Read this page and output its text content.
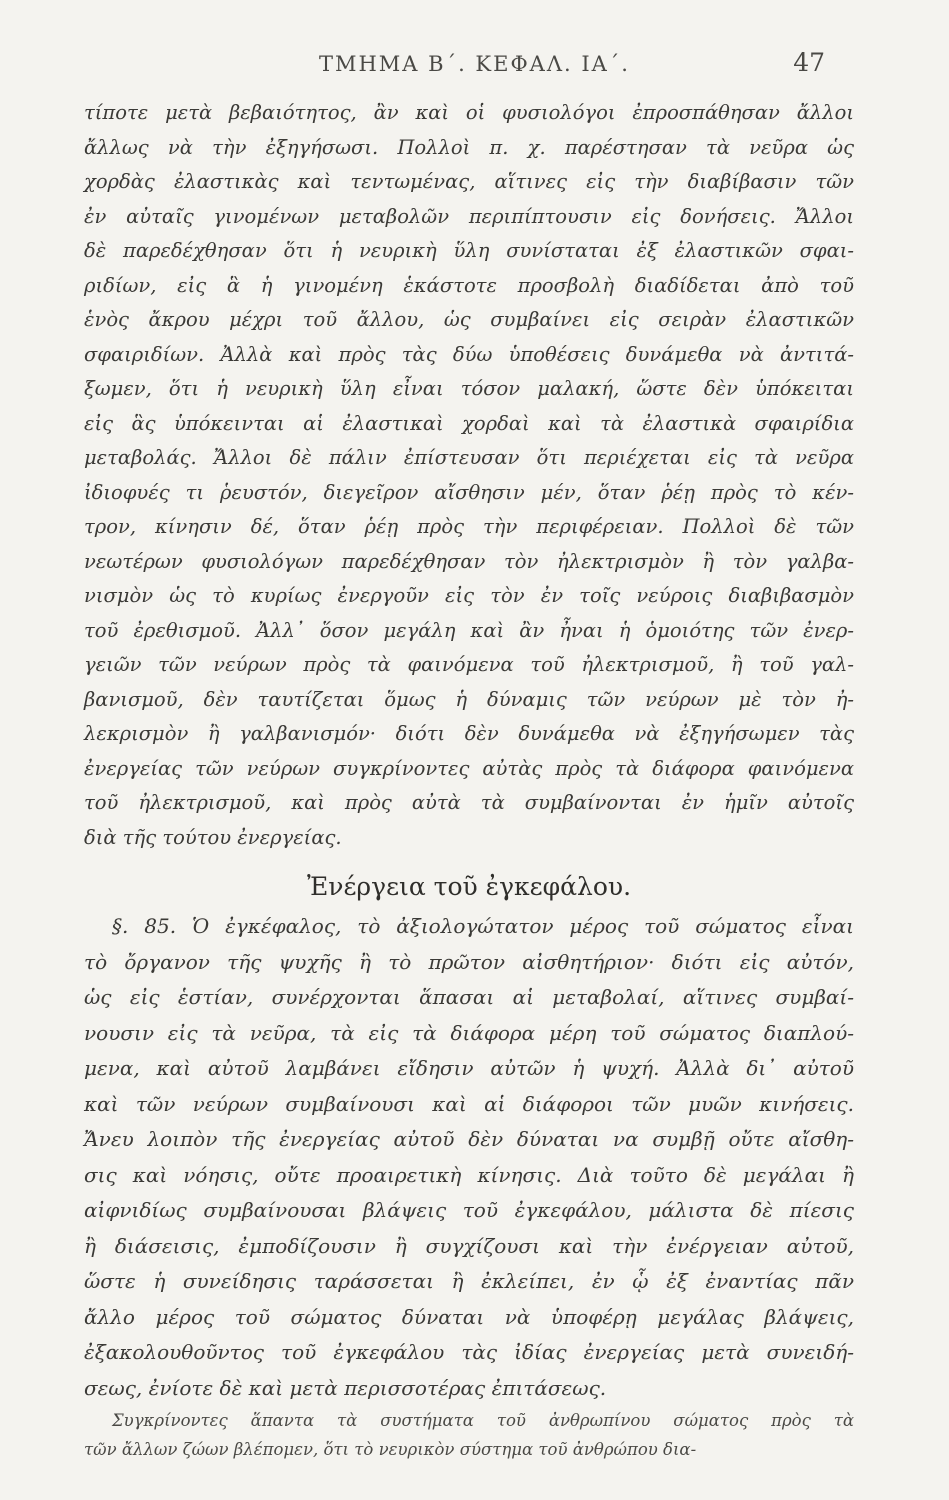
ΤΜΗΜΑ Β΄. ΚΕΦΑΛ. ΙΑ΄.	47
τίποτε μετὰ βεβαιότητος, ἂν καὶ οἱ φυσιολόγοι ἐπροσπάθησαν ἄλλοι
ἄλλως νὰ τὴν ἐξηγήσωσι. Πολλοὶ π. χ. παρέστησαν τὰ νεῦρα ὡς
χορδὰς ἐλαστικὰς καὶ τεντωμένας, αἵτινες εἰς τὴν διαβίβασιν τῶν
ἐν αὐταῖς γινομένων μεταβολῶν περιπίπτουσιν εἰς δονήσεις. Ἄλλοι
δὲ παρεδέχθησαν ὅτι ἡ νευρικὴ ὕλη συνίσταται ἐξ ἐλαστικῶν σφαι-
ριδίων, εἰς ἃ ἡ γινομένη ἑκάστοτε προσβολὴ διαδίδεται ἀπὸ τοῦ
ἑνὸς ἄκρου μέχρι τοῦ ἄλλου, ὡς συμβαίνει εἰς σειρὰν ἐλαστικῶν
σφαιριδίων. Ἀλλὰ καὶ πρὸς τὰς δύω ὑποθέσεις δυνάμεθα νὰ ἀντιτά-
ξωμεν, ὅτι ἡ νευρικὴ ὕλη εἶναι τόσον μαλακή, ὥστε δὲν ὑπόκειται
εἰς ἃς ὑπόκεινται αἱ ἐλαστικαὶ χορδαὶ καὶ τὰ ἐλαστικὰ σφαιρίδια
μεταβολάς. Ἄλλοι δὲ πάλιν ἐπίστευσαν ὅτι περιέχεται εἰς τὰ νεῦρα
ἰδιοφυές τι ῥευστόν, διεγεῖρον αἴσθησιν μέν, ὅταν ῥέῃ πρὸς τὸ κέν-
τρον, κίνησιν δέ, ὅταν ῥέῃ πρὸς τὴν περιφέρειαν. Πολλοὶ δὲ τῶν
νεωτέρων φυσιολόγων παρεδέχθησαν τὸν ἠλεκτρισμὸν ἢ τὸν γαλβα-
νισμὸν ὡς τὸ κυρίως ἐνεργοῦν εἰς τὸν ἐν τοῖς νεύροις διαβιβασμὸν
τοῦ ἐρεθισμοῦ. Ἀλλ᾽ ὅσον μεγάλη καὶ ἂν ἦναι ἡ ὁμοιότης τῶν ἐνερ-
γειῶν τῶν νεύρων πρὸς τὰ φαινόμενα τοῦ ἠλεκτρισμοῦ, ἢ τοῦ γαλ-
βανισμοῦ, δὲν ταυτίζεται ὅμως ἡ δύναμις τῶν νεύρων μὲ τὸν ἠ-
λεκρισμὸν ἢ γαλβανισμόν· διότι δὲν δυνάμεθα νὰ ἐξηγήσωμεν τὰς
ἐνεργείας τῶν νεύρων συγκρίνοντες αὐτὰς πρὸς τὰ διάφορα φαινόμενα
τοῦ ἠλεκτρισμοῦ, καὶ πρὸς αὐτὰ τὰ συμβαίνονται ἐν ἡμῖν αὐτοῖς
διὰ τῆς τούτου ἐνεργείας.
Ἐνέργεια τοῦ ἐγκεφάλου.
§. 85. Ὁ ἐγκέφαλος, τὸ ἀξιολογώτατον μέρος τοῦ σώματος εἶναι
τὸ ὄργανον τῆς ψυχῆς ἢ τὸ πρῶτον αἰσθητήριον· διότι εἰς αὐτόν,
ὡς εἰς ἑστίαν, συνέρχονται ἅπασαι αἱ μεταβολαί, αἵτινες συμβαί-
νουσιν εἰς τὰ νεῦρα, τὰ εἰς τὰ διάφορα μέρη τοῦ σώματος διαπλού-
μενα, καὶ αὐτοῦ λαμβάνει εἴδησιν αὐτῶν ἡ ψυχή. Ἀλλὰ δι᾽ αὐτοῦ
καὶ τῶν νεύρων συμβαίνουσι καὶ αἱ διάφοροι τῶν μυῶν κινήσεις.
Ἄνευ λοιπὸν τῆς ἐνεργείας αὐτοῦ δὲν δύναται να συμβῇ οὔτε αἴσθη-
σις καὶ νόησις, οὔτε προαιρετικὴ κίνησις. Διὰ τοῦτο δὲ μεγάλαι ἢ
αἰφνιδίως συμβαίνουσαι βλάψεις τοῦ ἐγκεφάλου, μάλιστα δὲ πίεσις
ἢ διάσεισις, ἐμποδίζουσιν ἢ συγχίζουσι καὶ τὴν ἐνέργειαν αὐτοῦ,
ὥστε ἡ συνείδησις ταράσσεται ἢ ἐκλείπει, ἐν ᾧ ἐξ ἐναντίας πᾶν
ἄλλο μέρος τοῦ σώματος δύναται νὰ ὑποφέρῃ μεγάλας βλάψεις,
ἐξακολουθοῦντος τοῦ ἐγκεφάλου τὰς ἰδίας ἐνεργείας μετὰ συνειδή-
σεως, ἐνίοτε δὲ καὶ μετὰ περισσοτέρας ἐπιτάσεως.
Συγκρίνοντες ἅπαντα τὰ συστήματα τοῦ ἀνθρωπίνου σώματος πρὸς τὰ
τῶν ἄλλων ζώων βλέπομεν, ὅτι τὸ νευρικὸν σύστημα τοῦ ἀνθρώπου δια-
